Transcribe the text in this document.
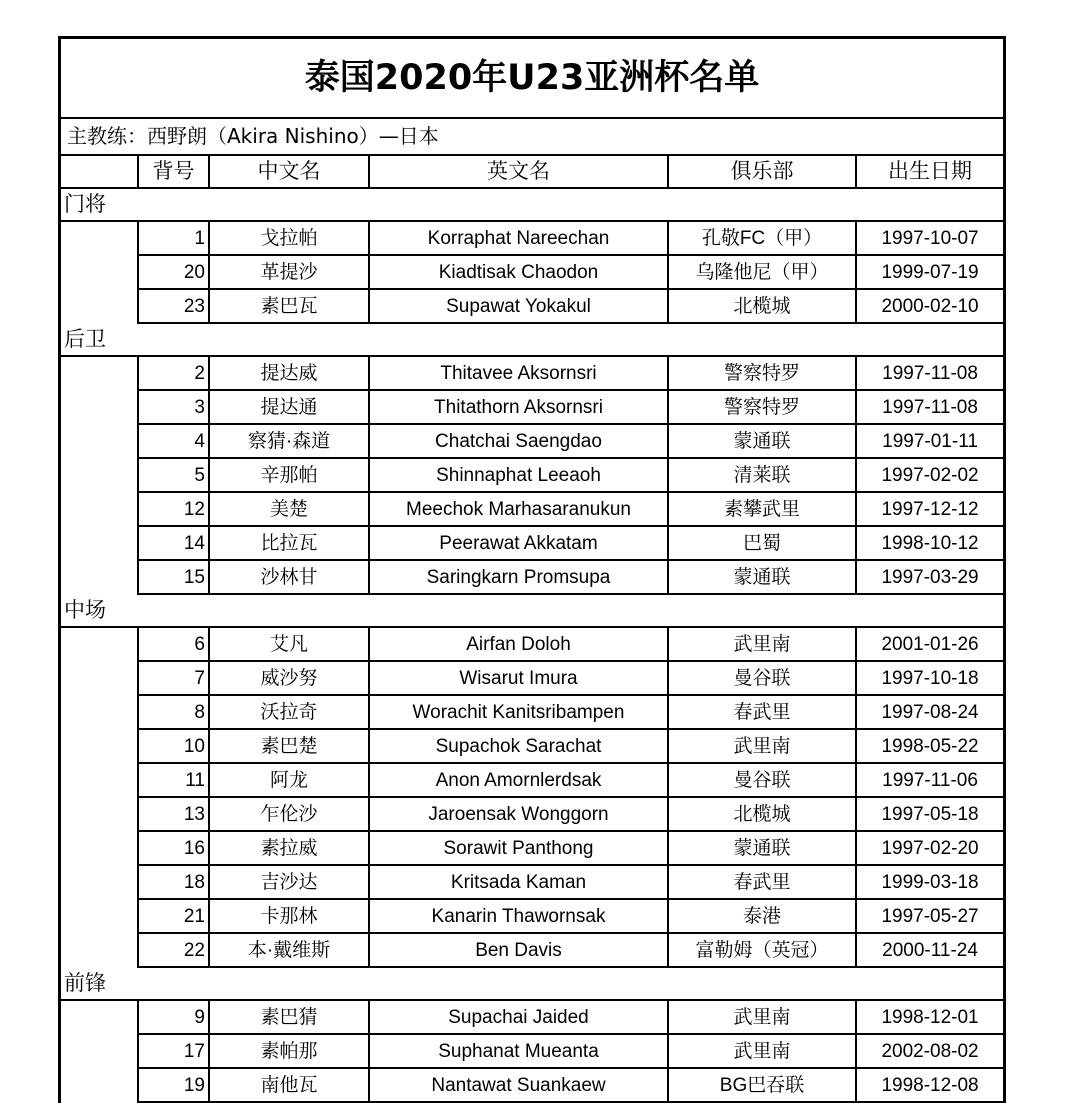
泰国2020年U23亚洲杯名单					
主教练：西野朗（Akira Nishino）—日本					
	背号	中文名	英文名	俱乐部	出生日期
门将					
	1	戈拉帕	Korraphat Nareechan	孔敬FC（甲）	1997-10-07
	20	革提沙	Kiadtisak Chaodon	乌隆他尼（甲）	1999-07-19
	23	素巴瓦	Supawat Yokakul	北榄城	2000-02-10
后卫					
	2	提达威	Thitavee Aksornsri	警察特罗	1997-11-08
	3	提达通	Thitathorn Aksornsri	警察特罗	1997-11-08
	4	察猜·森道	Chatchai Saengdao	蒙通联	1997-01-11
	5	辛那帕	Shinnaphat Leeaoh	清莱联	1997-02-02
	12	美楚	Meechok Marhasaranukun	素攀武里	1997-12-12
	14	比拉瓦	Peerawat Akkatam	巴蜀	1998-10-12
	15	沙林甘	Saringkarn Promsupa	蒙通联	1997-03-29
中场					
	6	艾凡	Airfan Doloh	武里南	2001-01-26
	7	威沙努	Wisarut Imura	曼谷联	1997-10-18
	8	沃拉奇	Worachit Kanitsribampen	春武里	1997-08-24
	10	素巴楚	Supachok Sarachat	武里南	1998-05-22
	11	阿龙	Anon Amornlerdsak	曼谷联	1997-11-06
	13	乍伦沙	Jaroensak Wonggorn	北榄城	1997-05-18
	16	素拉威	Sorawit Panthong	蒙通联	1997-02-20
	18	吉沙达	Kritsada Kaman	春武里	1999-03-18
	21	卡那林	Kanarin Thawornsak	泰港	1997-05-27
	22	本·戴维斯	Ben Davis	富勒姆（英冠）	2000-11-24
前锋					
	9	素巴猜	Supachai Jaided	武里南	1998-12-01
	17	素帕那	Suphanat Mueanta	武里南	2002-08-02
	19	南他瓦	Nantawat Suankaew	BG巴吞联	1998-12-08
